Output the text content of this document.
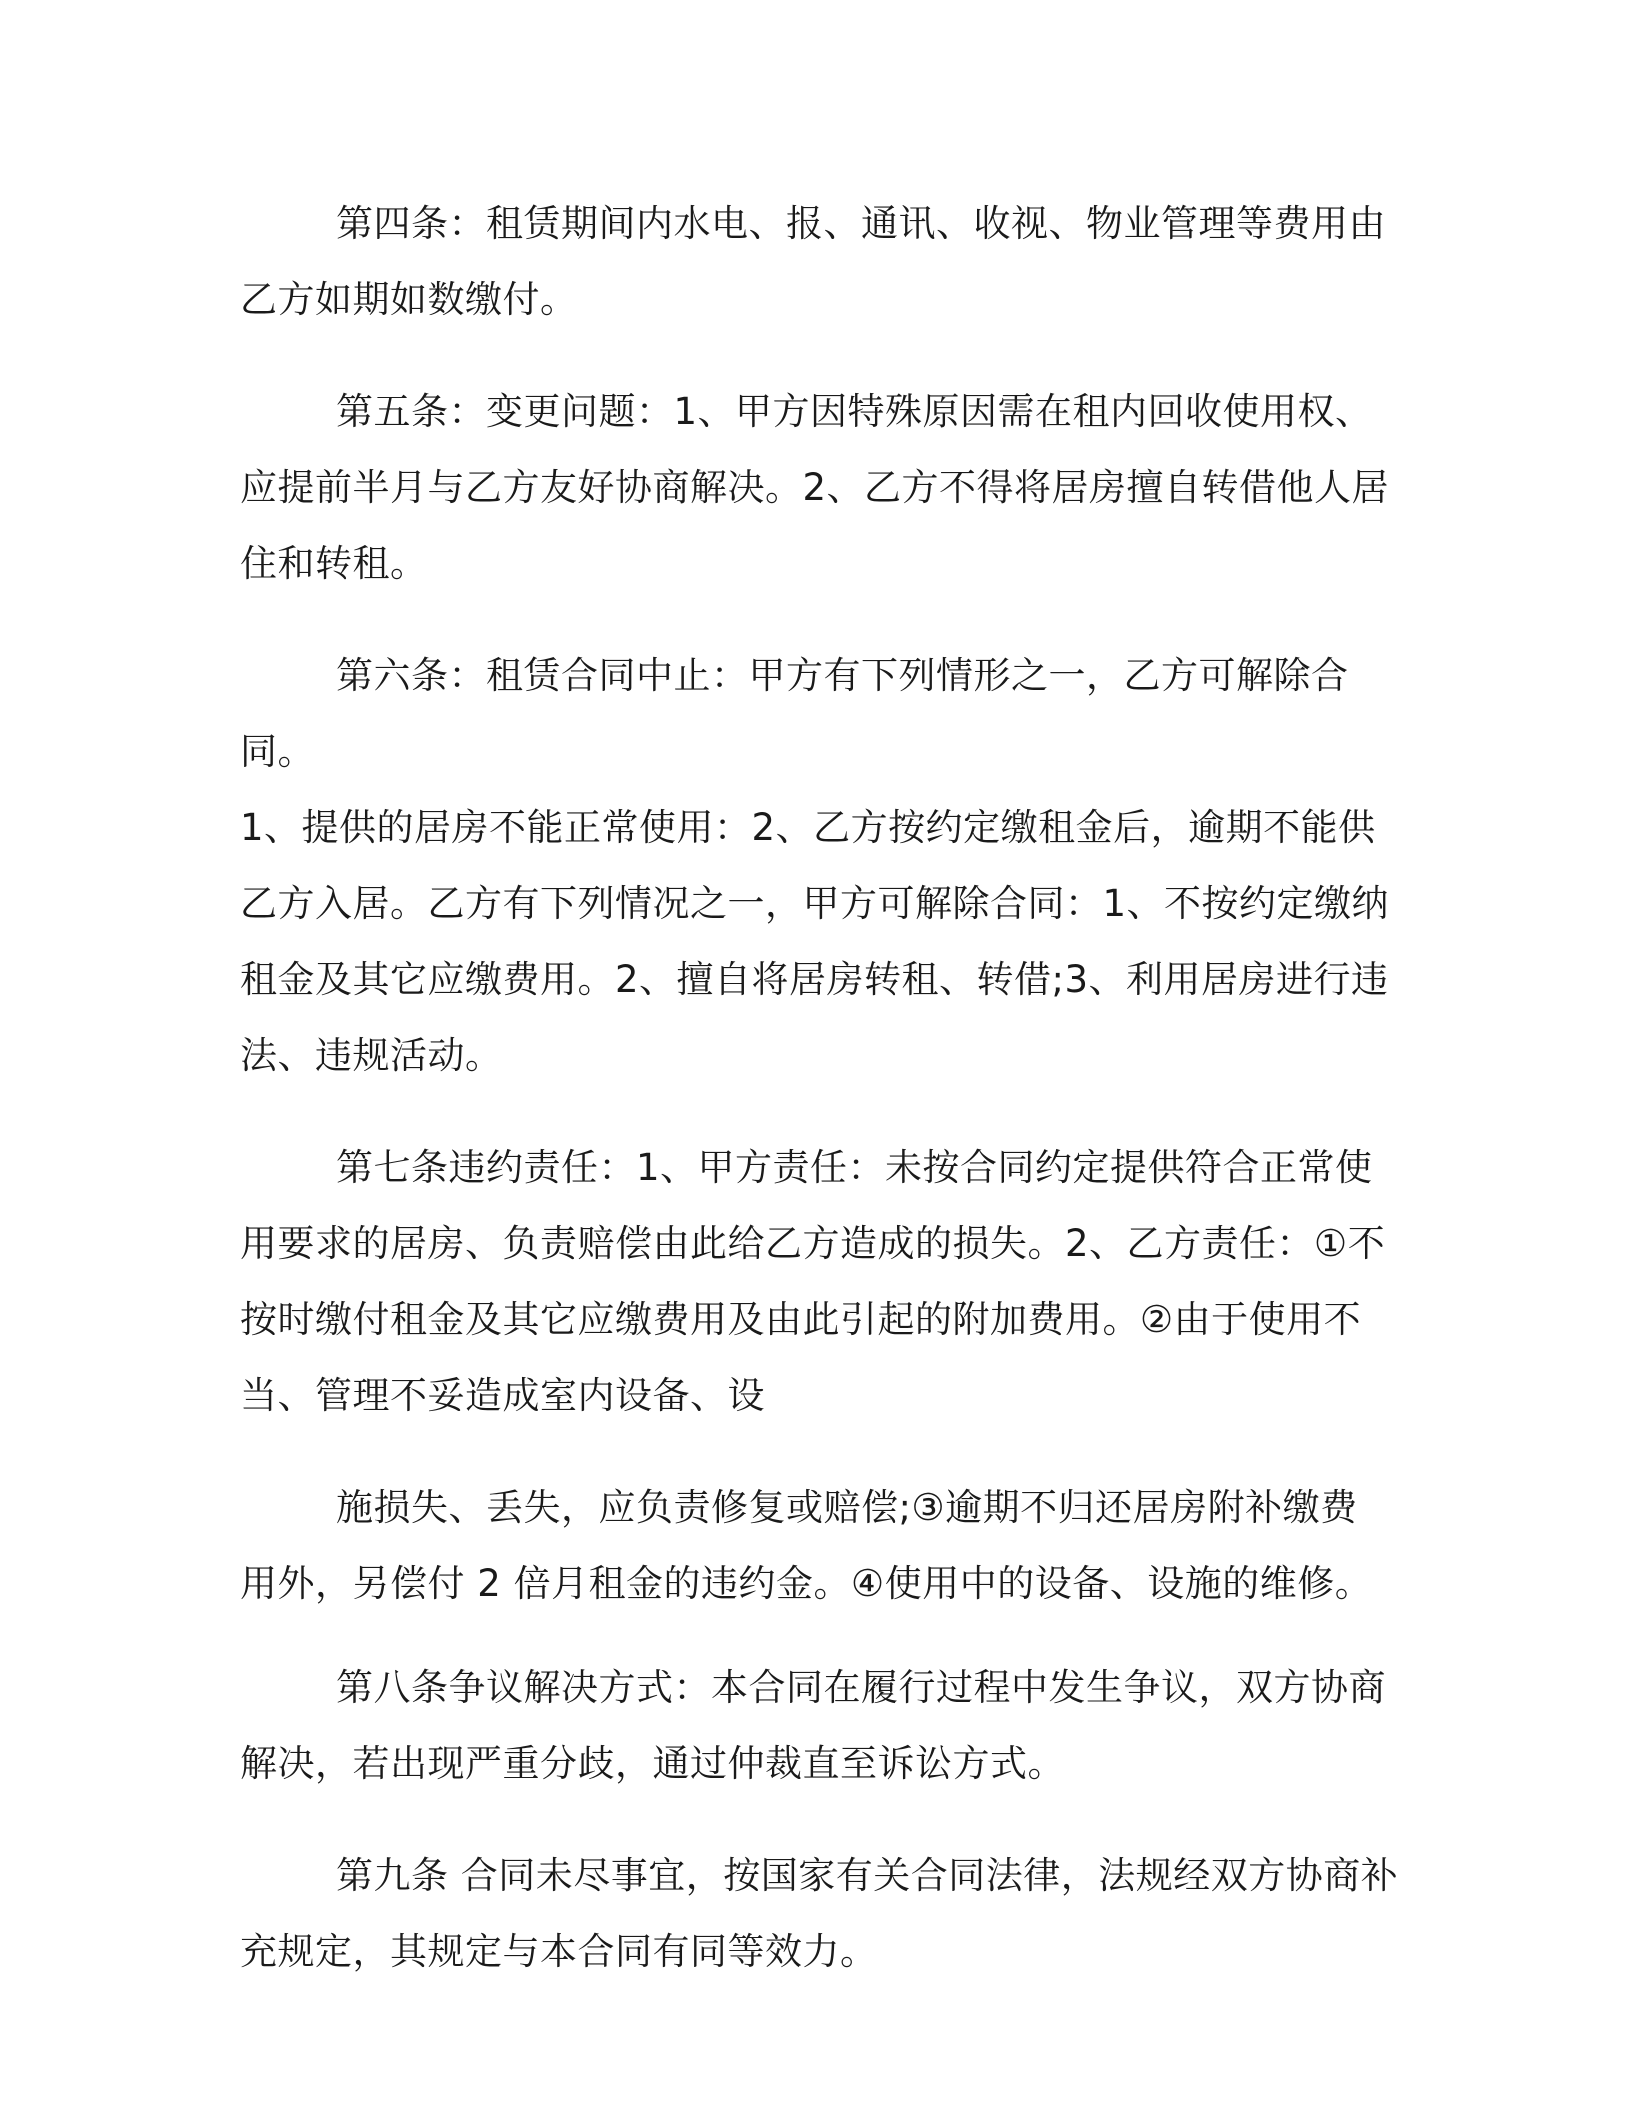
第四条：租赁期间内水电、报、通讯、收视、物业管理等费用由
乙方如期如数缴付。

第五条：变更问题：1、甲方因特殊原因需在租内回收使用权、
应提前半月与乙方友好协商解决。2、乙方不得将居房擅自转借他人居
住和转租。

第六条：租赁合同中止：甲方有下列情形之一，乙方可解除合同。
1、提供的居房不能正常使用：2、乙方按约定缴租金后，逾期不能供
乙方入居。乙方有下列情况之一，甲方可解除合同：1、不按约定缴纳
租金及其它应缴费用。2、擅自将居房转租、转借;3、利用居房进行违
法、违规活动。

第七条违约责任：1、甲方责任：未按合同约定提供符合正常使
用要求的居房、负责赔偿由此给乙方造成的损失。2、乙方责任：①不
按时缴付租金及其它应缴费用及由此引起的附加费用。②由于使用不
当、管理不妥造成室内设备、设

施损失、丢失，应负责修复或赔偿;③逾期不归还居房附补缴费
用外，另偿付 2 倍月租金的违约金。④使用中的设备、设施的维修。

第八条争议解决方式：本合同在履行过程中发生争议，双方协商
解决，若出现严重分歧，通过仲裁直至诉讼方式。

第九条 合同未尽事宜，按国家有关合同法律，法规经双方协商补
充规定，其规定与本合同有同等效力。
